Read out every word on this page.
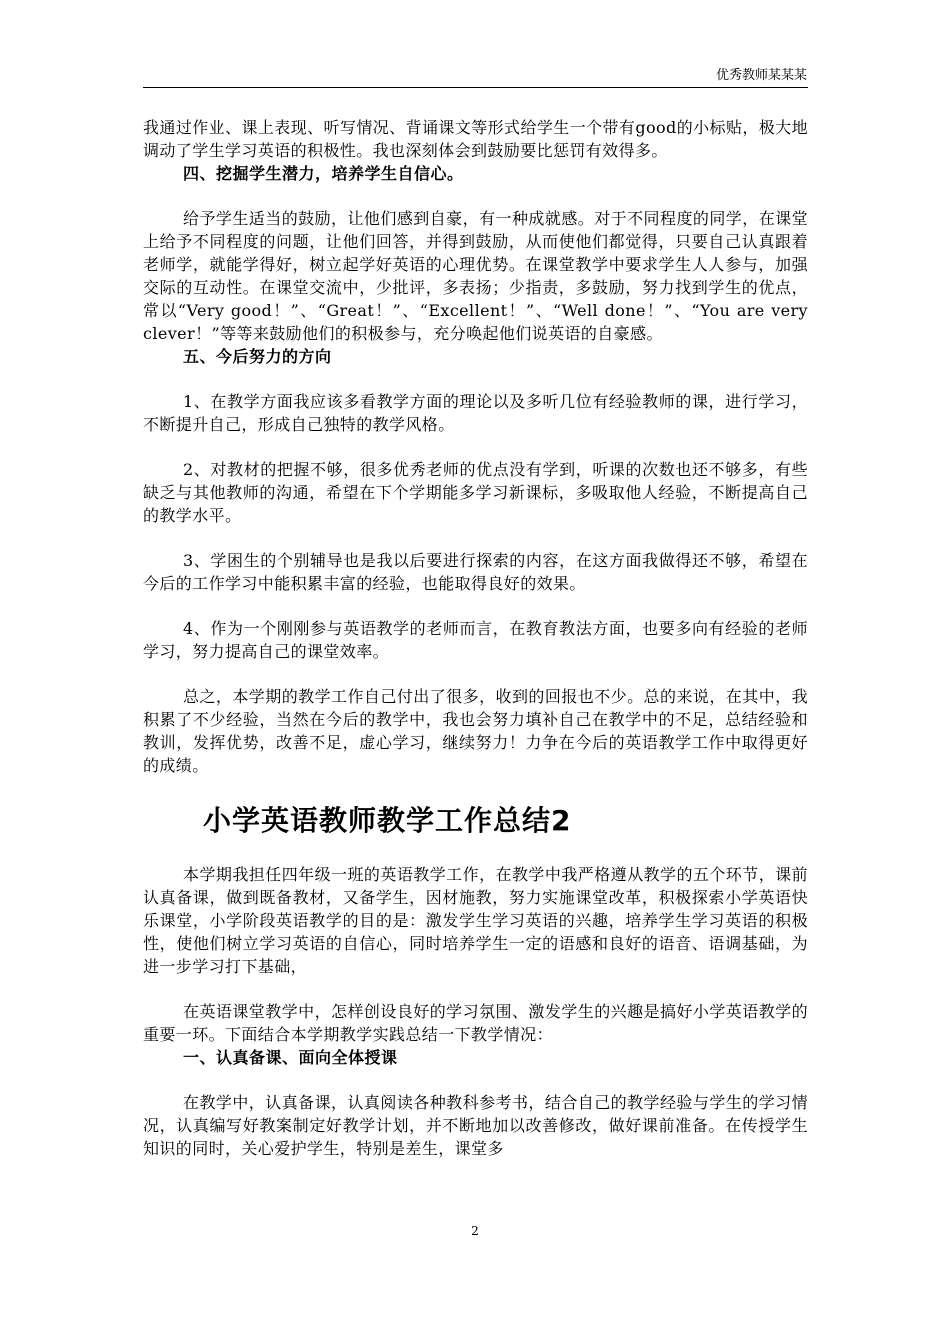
优秀教师某某某

我通过作业、课上表现、听写情况、背诵课文等形式给学生一个带有good的小标贴，极大地调动了学生学习英语的积极性。我也深刻体会到鼓励要比惩罚有效得多。

四、挖掘学生潜力，培养学生自信心。

给予学生适当的鼓励，让他们感到自豪，有一种成就感。对于不同程度的同学，在课堂上给予不同程度的问题，让他们回答，并得到鼓励，从而使他们都觉得，只要自己认真跟着老师学，就能学得好，树立起学好英语的心理优势。在课堂教学中要求学生人人参与，加强交际的互动性。在课堂交流中，少批评，多表扬；少指责，多鼓励，努力找到学生的优点，常以“Very good！”、“Great！”、“Excellent！”、“Well done！”、“You are very clever！”等等来鼓励他们的积极参与，充分唤起他们说英语的自豪感。

五、今后努力的方向

1、在教学方面我应该多看教学方面的理论以及多听几位有经验教师的课，进行学习，不断提升自己，形成自己独特的教学风格。

2、对教材的把握不够，很多优秀老师的优点没有学到，听课的次数也还不够多，有些缺乏与其他教师的沟通，希望在下个学期能多学习新课标，多吸取他人经验，不断提高自己的教学水平。

3、学困生的个别辅导也是我以后要进行探索的内容，在这方面我做得还不够，希望在今后的工作学习中能积累丰富的经验，也能取得良好的效果。

4、作为一个刚刚参与英语教学的老师而言，在教育教法方面，也要多向有经验的老师学习，努力提高自己的课堂效率。

总之，本学期的教学工作自己付出了很多，收到的回报也不少。总的来说，在其中，我积累了不少经验，当然在今后的教学中，我也会努力填补自己在教学中的不足，总结经验和教训，发挥优势，改善不足，虚心学习，继续努力！力争在今后的英语教学工作中取得更好的成绩。

小学英语教师教学工作总结2

本学期我担任四年级一班的英语教学工作，在教学中我严格遵从教学的五个环节，课前认真备课，做到既备教材，又备学生，因材施教，努力实施课堂改革，积极探索小学英语快乐课堂，小学阶段英语教学的目的是：激发学生学习英语的兴趣，培养学生学习英语的积极性，使他们树立学习英语的自信心，同时培养学生一定的语感和良好的语音、语调基础，为进一步学习打下基础，

在英语课堂教学中，怎样创设良好的学习氛围、激发学生的兴趣是搞好小学英语教学的重要一环。下面结合本学期教学实践总结一下教学情况：

一、认真备课、面向全体授课

在教学中，认真备课，认真阅读各种教科参考书，结合自己的教学经验与学生的学习情况，认真编写好教案制定好教学计划，并不断地加以改善修改，做好课前准备。在传授学生知识的同时，关心爱护学生，特别是差生，课堂多

2
